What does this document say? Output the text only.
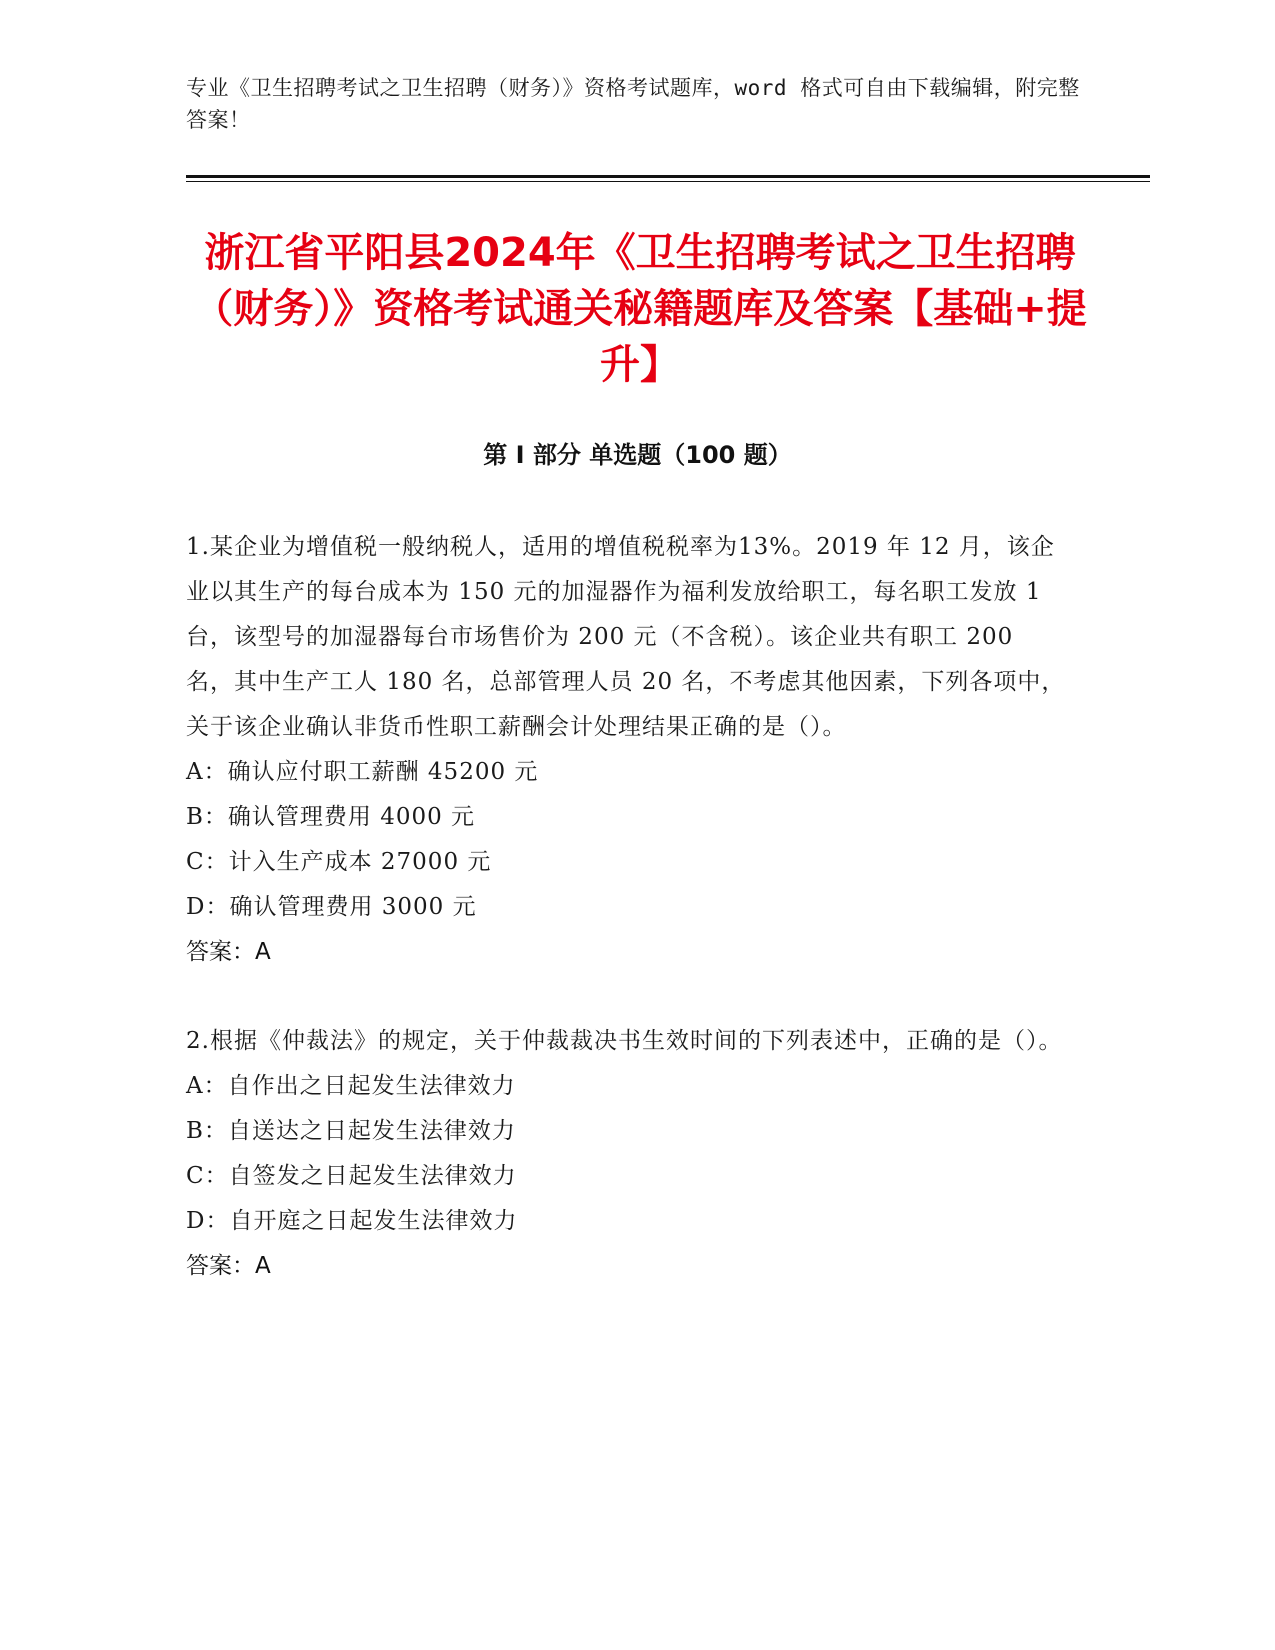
专业《卫生招聘考试之卫生招聘（财务）》资格考试题库，word 格式可自由下载编辑，附完整答案！
浙江省平阳县2024年《卫生招聘考试之卫生招聘（财务）》资格考试通关秘籍题库及答案【基础+提升】
第 I 部分 单选题（100 题）

1.某企业为增值税一般纳税人，适用的增值税税率为13%。2019 年 12 月，该企业以其生产的每台成本为 150 元的加湿器作为福利发放给职工，每名职工发放 1 台，该型号的加湿器每台市场售价为 200 元（不含税）。该企业共有职工 200 名，其中生产工人 180 名，总部管理人员 20 名，不考虑其他因素，下列各项中，关于该企业确认非货币性职工薪酬会计处理结果正确的是（）。

A：确认应付职工薪酬 45200 元

B：确认管理费用 4000 元

C：计入生产成本 27000 元

D：确认管理费用 3000 元

答案：A

2.根据《仲裁法》的规定，关于仲裁裁决书生效时间的下列表述中，正确的是（）。

A：自作出之日起发生法律效力

B：自送达之日起发生法律效力

C：自签发之日起发生法律效力

D：自开庭之日起发生法律效力

答案：A
